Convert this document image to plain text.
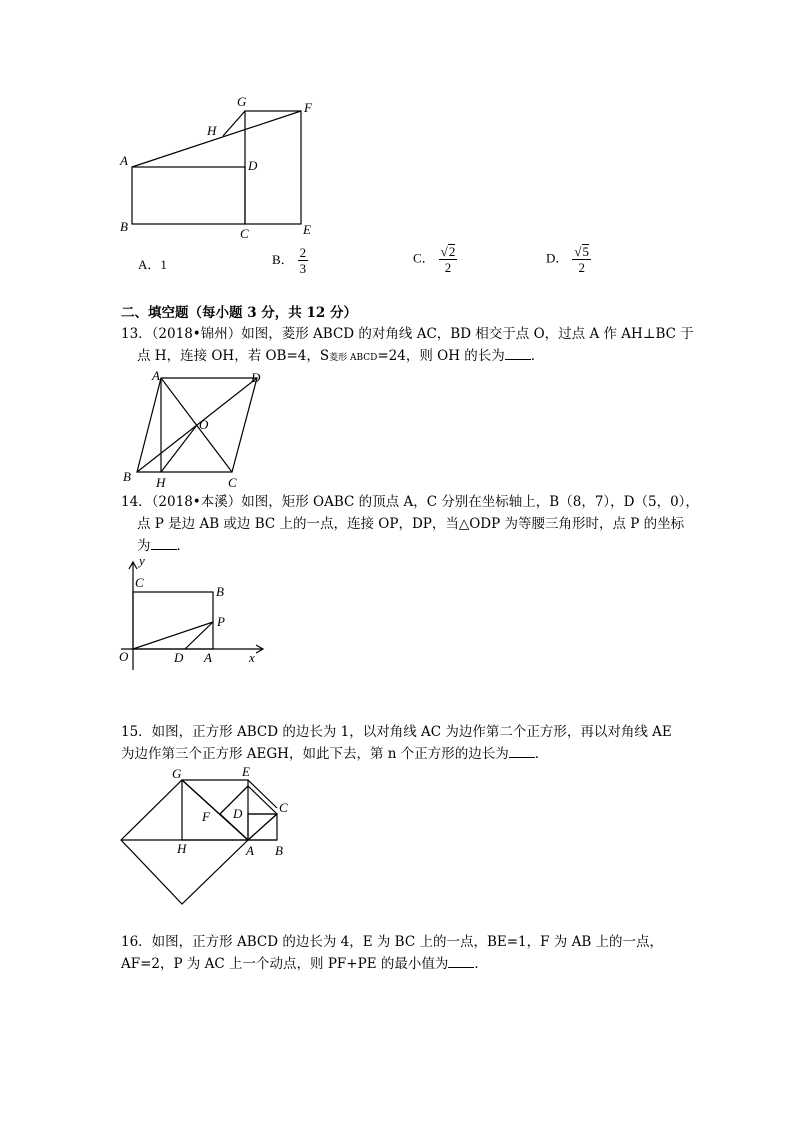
A
B	C
D
E
F
G
H
A．1	B． $\frac{2}{3}$	C． $\frac{√2}{2}$	D． $\frac{√5}{2}$
二、填空题（每小题 3 分，共 12 分）
13．（2018•锦州）如图，菱形 ABCD 的对角线 AC，BD 相交于点 O，过点 A 作 AH⊥BC 于
点 H，连接 OH，若 OB=4，S菱形 ABCD=24，则 OH 的长为 ．
A	D
O
B H	C
14．（2018•本溪）如图，矩形 OABC 的顶点 A，C 分别在坐标轴上，B（8，7），D（5，0），
点 P 是边 AB 或边 BC 上的一点，连接 OP，DP，当△ODP 为等腰三角形时，点 P 的坐标
为 ．
y
C
B
P
O	D A	x
15．如图，正方形 ABCD 的边长为 1，以对角线 AC 为边作第二个正方形，再以对角线 AE
为边作第三个正方形 AEGH，如此下去，第 n 个正方形的边长为 ．
G	E
C
D
F
H	A B
16．如图，正方形 ABCD 的边长为 4，E 为 BC 上的一点，BE=1，F 为 AB 上的一点，
AF=2，P 为 AC 上一个动点，则 PF+PE 的最小值为 ．
